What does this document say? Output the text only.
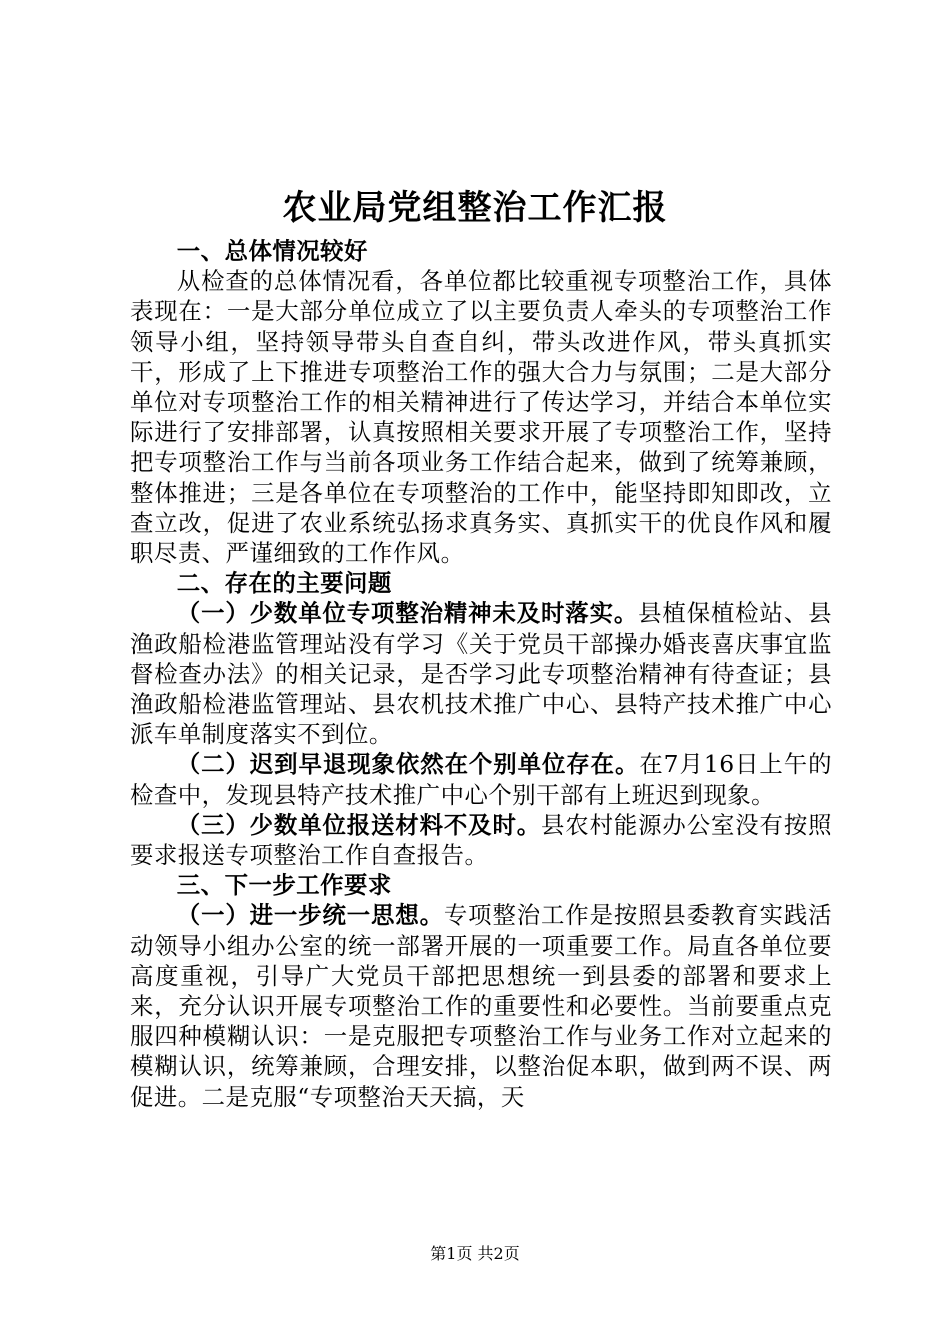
农业局党组整治工作汇报

一、总体情况较好

从检查的总体情况看，各单位都比较重视专项整治工作，具体表现在：一是大部分单位成立了以主要负责人牵头的专项整治工作领导小组，坚持领导带头自查自纠，带头改进作风，带头真抓实干，形成了上下推进专项整治工作的强大合力与氛围；二是大部分单位对专项整治工作的相关精神进行了传达学习，并结合本单位实际进行了安排部署，认真按照相关要求开展了专项整治工作，坚持把专项整治工作与当前各项业务工作结合起来，做到了统筹兼顾，整体推进；三是各单位在专项整治的工作中，能坚持即知即改，立查立改，促进了农业系统弘扬求真务实、真抓实干的优良作风和履职尽责、严谨细致的工作作风。

二、存在的主要问题

（一）少数单位专项整治精神未及时落实。县植保植检站、县渔政船检港监管理站没有学习《关于党员干部操办婚丧喜庆事宜监督检查办法》的相关记录，是否学习此专项整治精神有待查证；县渔政船检港监管理站、县农机技术推广中心、县特产技术推广中心派车单制度落实不到位。

（二）迟到早退现象依然在个别单位存在。在7月16日上午的检查中，发现县特产技术推广中心个别干部有上班迟到现象。

（三）少数单位报送材料不及时。县农村能源办公室没有按照要求报送专项整治工作自查报告。

三、下一步工作要求

（一）进一步统一思想。专项整治工作是按照县委教育实践活动领导小组办公室的统一部署开展的一项重要工作。局直各单位要高度重视，引导广大党员干部把思想统一到县委的部署和要求上来，充分认识开展专项整治工作的重要性和必要性。当前要重点克服四种模糊认识：一是克服把专项整治工作与业务工作对立起来的模糊认识，统筹兼顾，合理安排，以整治促本职，做到两不误、两促进。二是克服“专项整治天天搞，天

第1页 共2页
